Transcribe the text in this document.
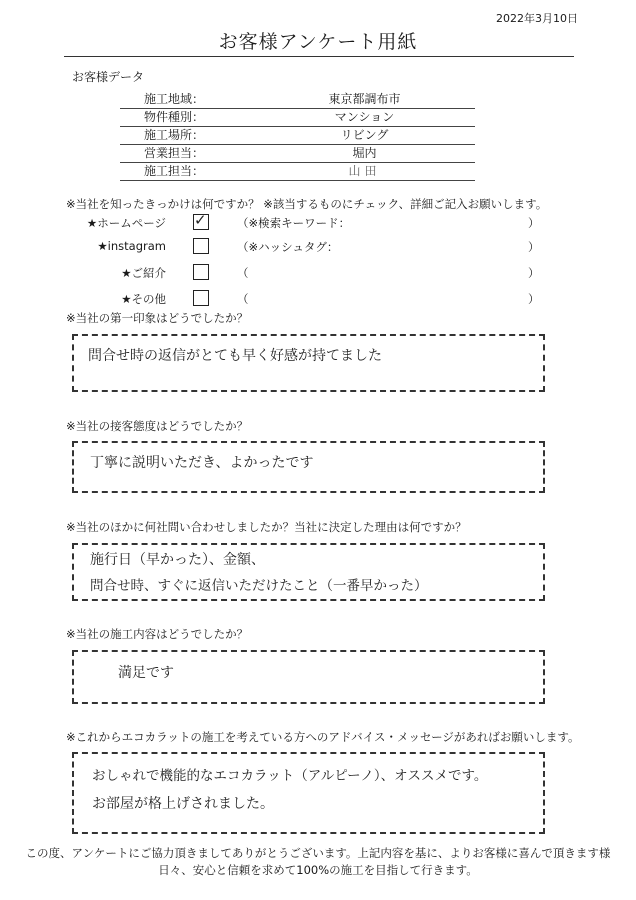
2022年3月10日
お客様アンケート用紙
お客様データ
施工地域：	東京都調布市
物件種別：	マンション
施工場所：	リビング
営業担当：	堀内
施工担当：	山田
※当社を知ったきっかけは何ですか？ ※該当するものにチェック、詳細ご記入お願いします。
★ホームページ ✓	（※検索キーワード：	）
★instagram	（※ハッシュタグ：	）
★ご紹介	（	）
★その他	（	）
※当社の第一印象はどうでしたか？
問合せ時の返信がとても早く好感が持てました
※当社の接客態度はどうでしたか？
丁寧に説明いただき、よかったです
※当社のほかに何社問い合わせしましたか？当社に決定した理由は何ですか？
施行日（早かった）、金額、
問合せ時、すぐに返信いただけたこと（一番早かった）
※当社の施工内容はどうでしたか？
満足です
※これからエコカラットの施工を考えている方へのアドバイス・メッセージがあればお願いします。
おしゃれで機能的なエコカラット（アルピーノ）、オススメです。
お部屋が格上げされました。
この度、アンケートにご協力頂きましてありがとうございます。上記内容を基に、よりお客様に喜んで頂きます様
日々、安心と信頼を求めて100%の施工を目指して行きます。
